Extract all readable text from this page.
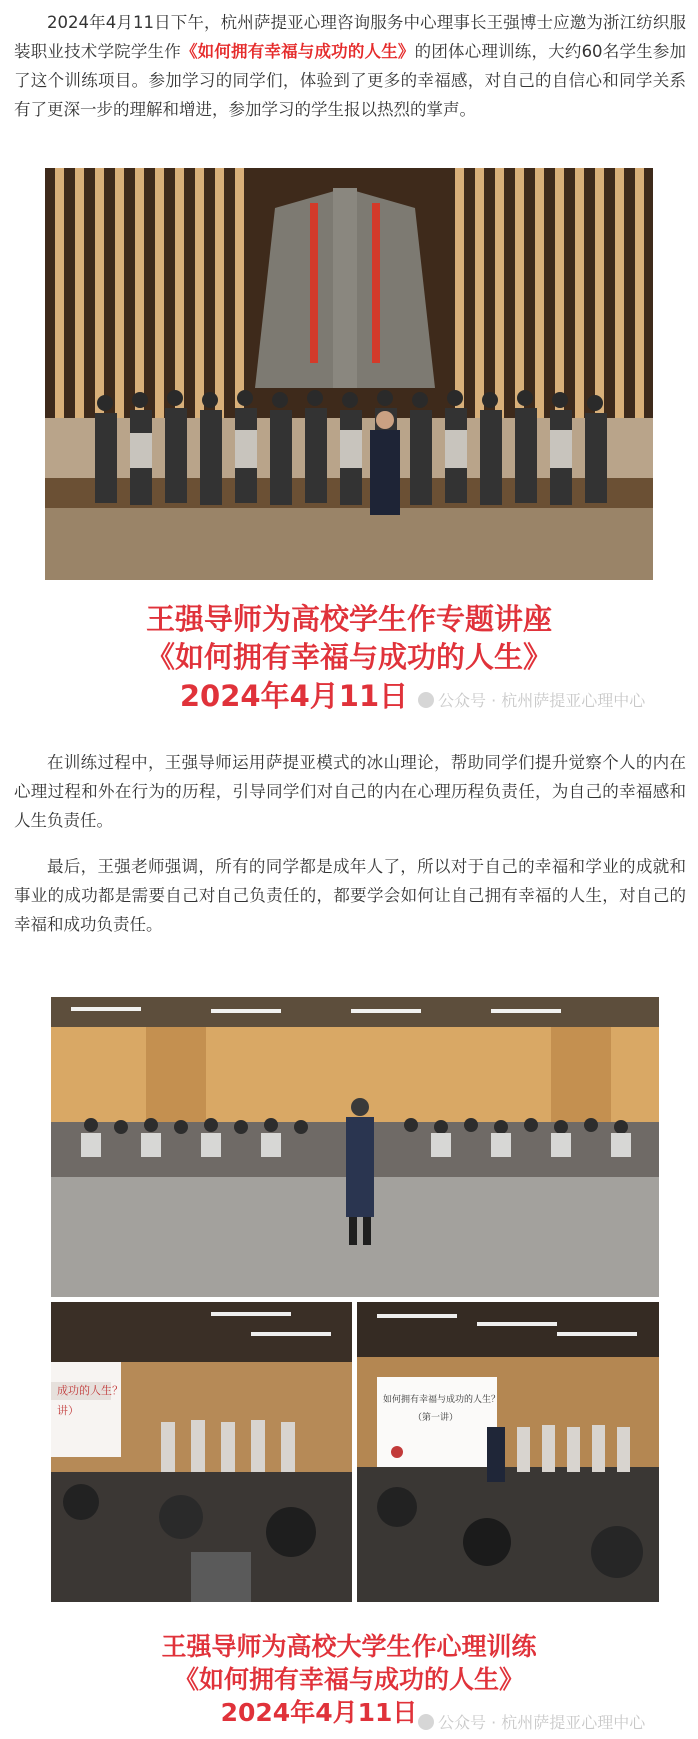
2024年4月11日下午，杭州萨提亚心理咨询服务中心理事长王强博士应邀为浙江纺织服装职业技术学院学生作《如何拥有幸福与成功的人生》的团体心理训练，大约60名学生参加了这个训练项目。参加学习的同学们，体验到了更多的幸福感，对自己的自信心和同学关系有了更深一步的理解和增进，参加学习的学生报以热烈的掌声。
王强导师为高校学生作专题讲座
《如何拥有幸福与成功的人生》
2024年4月11日	公众号 · 杭州萨提亚心理中心
在训练过程中，王强导师运用萨提亚模式的冰山理论，帮助同学们提升觉察个人的内在心理过程和外在行为的历程，引导同学们对自己的内在心理历程负责任，为自己的幸福感和人生负责任。
最后，王强老师强调，所有的同学都是成年人了，所以对于自己的幸福和学业的成就和事业的成功都是需要自己对自己负责任的，都要学会如何让自己拥有幸福的人生，对自己的幸福和成功负责任。
成功的人生？
讲）
如何拥有幸福与成功的人生？
（第一讲）
王强导师为高校大学生作心理训练
《如何拥有幸福与成功的人生》
2024年4月11日	公众号 · 杭州萨提亚心理中心
